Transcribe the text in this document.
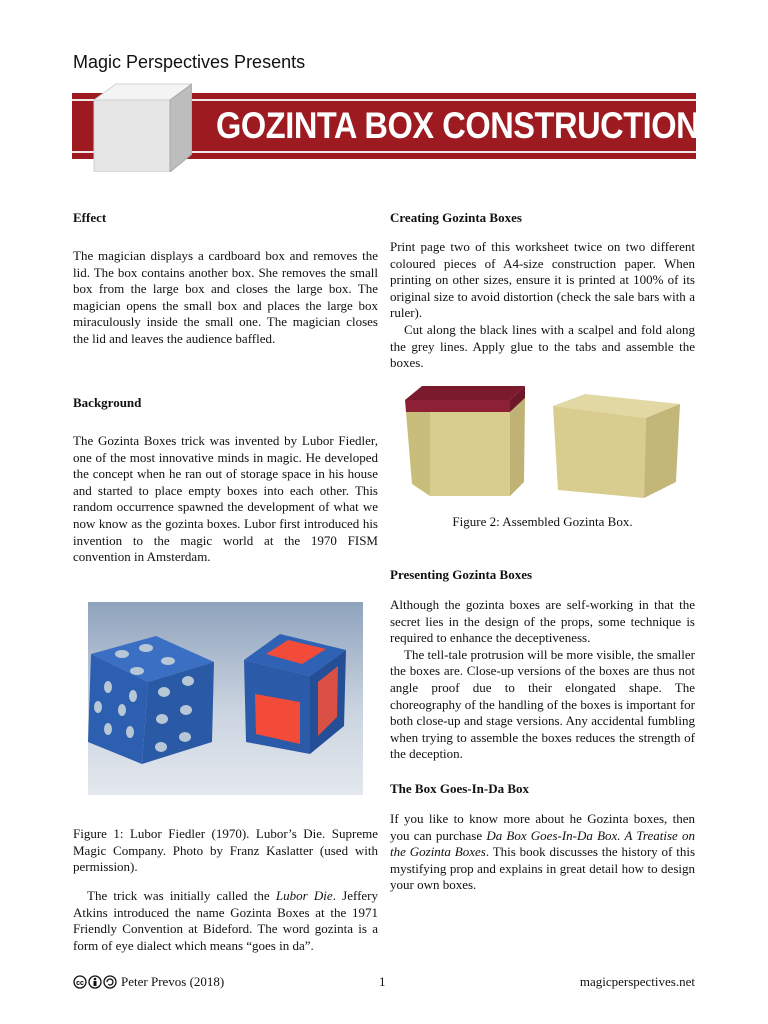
Magic Perspectives Presents
GOZINTA BOX CONSTRUCTION KIT

Effect

The magician displays a cardboard box and removes the lid. The box contains another box. She removes the small box from the large box and closes the large box. The magician opens the small box and places the large box miraculously inside the small one. The magician closes the lid and leaves the audience baffled.

Background

The Gozinta Boxes trick was invented by Lubor Fiedler, one of the most innovative minds in magic. He developed the concept when he ran out of storage space in his house and started to place empty boxes into each other. This random occurrence spawned the development of what we now know as the gozinta boxes. Lubor first introduced his invention to the magic world at the 1970 FISM convention in Amsterdam.

Figure 1: Lubor Fiedler (1970). Lubor’s Die. Supreme Magic Company. Photo by Franz Kaslatter (used with permission).

The trick was initially called the Lubor Die. Jeffery Atkins introduced the name Gozinta Boxes at the 1971 Friendly Convention at Bideford. The word gozinta is a form of eye dialect which means “goes in da”.

Creating Gozinta Boxes

Print page two of this worksheet twice on two different coloured pieces of A4-size construction paper. When printing on other sizes, ensure it is printed at 100% of its original size to avoid distortion (check the sale bars with a ruler).

Cut along the black lines with a scalpel and fold along the grey lines. Apply glue to the tabs and assemble the boxes.

Figure 2: Assembled Gozinta Box.

Presenting Gozinta Boxes

Although the gozinta boxes are self-working in that the secret lies in the design of the props, some technique is required to enhance the deceptiveness.

The tell-tale protrusion will be more visible, the smaller the boxes are. Close-up versions of the boxes are thus not angle proof due to their elongated shape. The choreography of the handling of the boxes is important for both close-up and stage versions. Any accidental fumbling when trying to assemble the boxes reduces the strength of the deception.

The Box Goes-In-Da Box

If you like to know more about he Gozinta boxes, then you can purchase Da Box Goes-In-Da Box. A Treatise on the Gozinta Boxes. This book discusses the history of this mystifying prop and explains in great detail how to design your own boxes.

cc	Peter Prevos (2018)	1	magicperspectives.net
